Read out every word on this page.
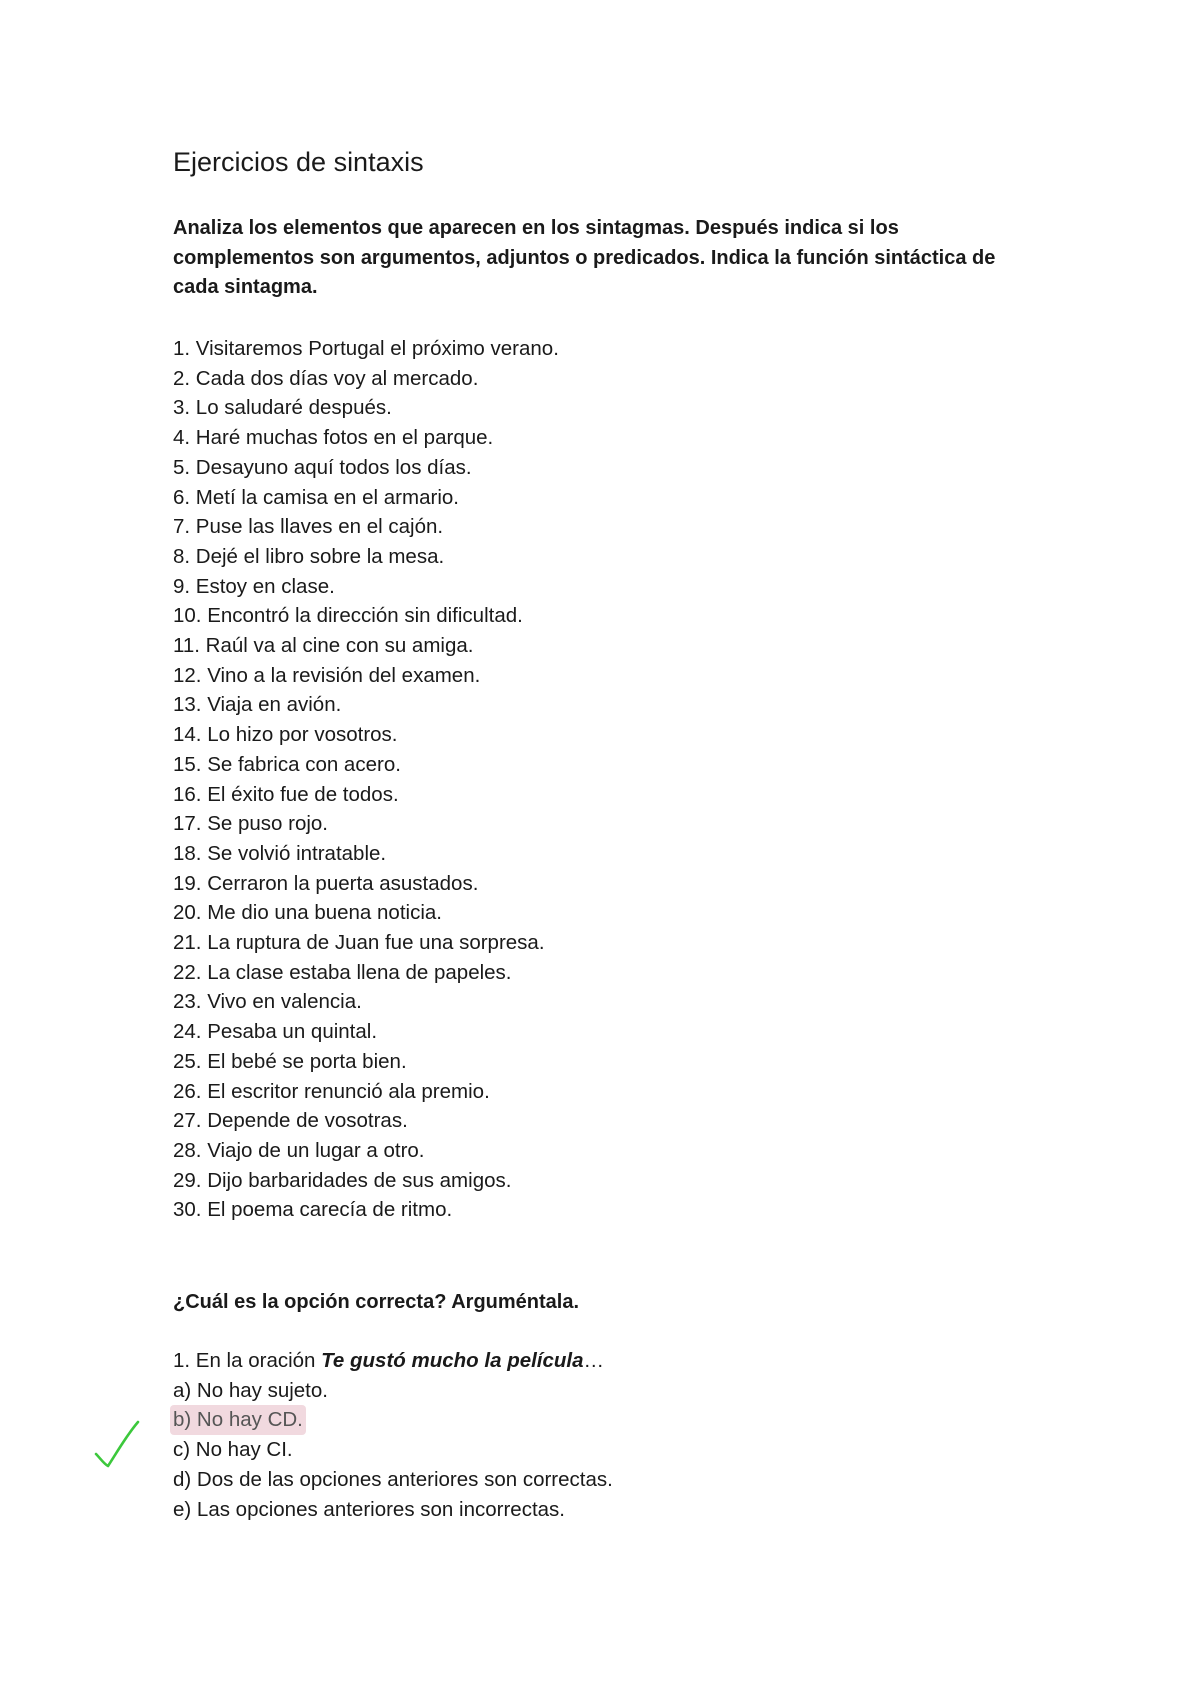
Ejercicios de sintaxis

Analiza los elementos que aparecen en los sintagmas. Después indica si los complementos son argumentos, adjuntos o predicados. Indica la función sintáctica de cada sintagma.

1. Visitaremos Portugal el próximo verano.
2. Cada dos días voy al mercado.
3. Lo saludaré después.
4. Haré muchas fotos en el parque.
5. Desayuno aquí todos los días.
6. Metí la camisa en el armario.
7. Puse las llaves en el cajón.
8. Dejé el libro sobre la mesa.
9. Estoy en clase.
10. Encontró la dirección sin dificultad.
11. Raúl va al cine con su amiga.
12. Vino a la revisión del examen.
13. Viaja en avión.
14. Lo hizo por vosotros.
15. Se fabrica con acero.
16. El éxito fue de todos.
17. Se puso rojo.
18. Se volvió intratable.
19. Cerraron la puerta asustados.
20. Me dio una buena noticia.
21. La ruptura de Juan fue una sorpresa.
22. La clase estaba llena de papeles.
23. Vivo en valencia.
24. Pesaba un quintal.
25. El bebé se porta bien.
26. El escritor renunció ala premio.
27. Depende de vosotras.
28. Viajo de un lugar a otro.
29. Dijo barbaridades de sus amigos.
30. El poema carecía de ritmo.

¿Cuál es la opción correcta? Arguméntala.

1. En la oración Te gustó mucho la película…

a) No hay sujeto.
b) No hay CD.
c) No hay CI.
d) Dos de las opciones anteriores son correctas.
e) Las opciones anteriores son incorrectas.
